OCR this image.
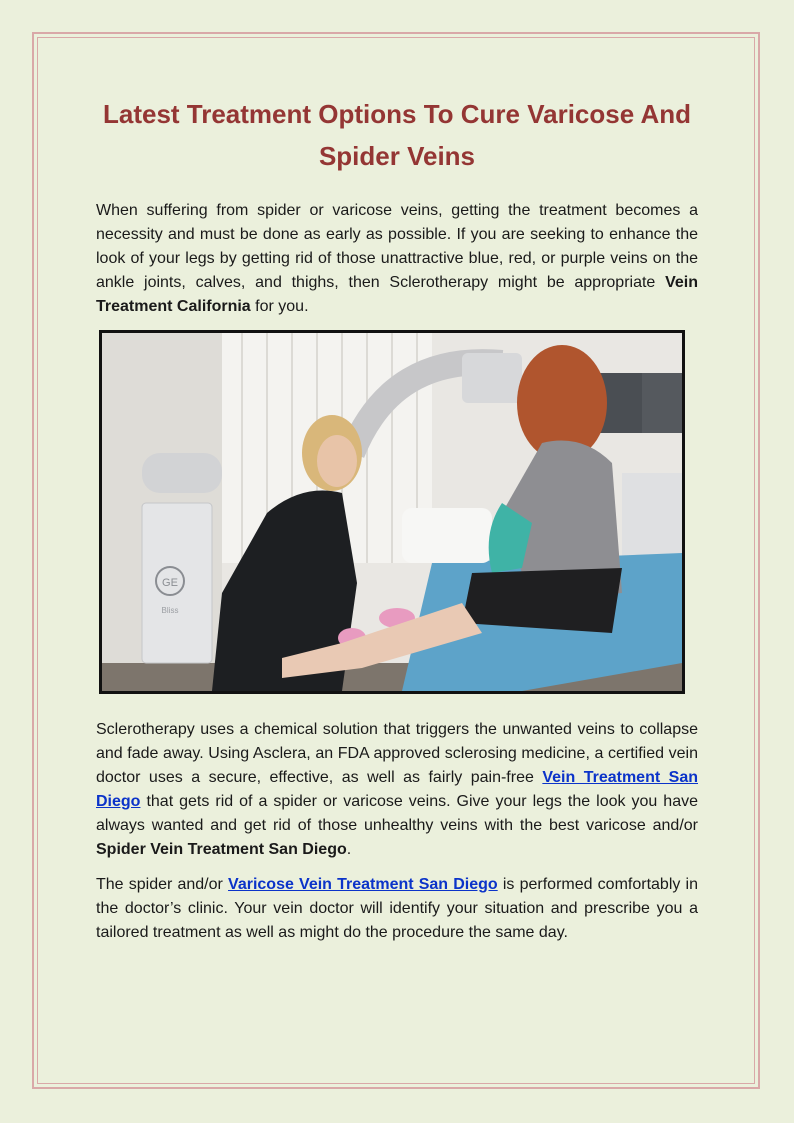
Latest Treatment Options To Cure Varicose And Spider Veins

When suffering from spider or varicose veins, getting the treatment becomes a necessity and must be done as early as possible. If you are seeking to enhance the look of your legs by getting rid of those unattractive blue, red, or purple veins on the ankle joints, calves, and thighs, then Sclerotherapy might be appropriate Vein Treatment California for you.

GE
Bliss

Sclerotherapy uses a chemical solution that triggers the unwanted veins to collapse and fade away. Using Asclera, an FDA approved sclerosing medicine, a certified vein doctor uses a secure, effective, as well as fairly pain-free Vein Treatment San Diego that gets rid of a spider or varicose veins. Give your legs the look you have always wanted and get rid of those unhealthy veins with the best varicose and/or Spider Vein Treatment San Diego.

The spider and/or Varicose Vein Treatment San Diego is performed comfortably in the doctor’s clinic. Your vein doctor will identify your situation and prescribe you a tailored treatment as well as might do the procedure the same day.
